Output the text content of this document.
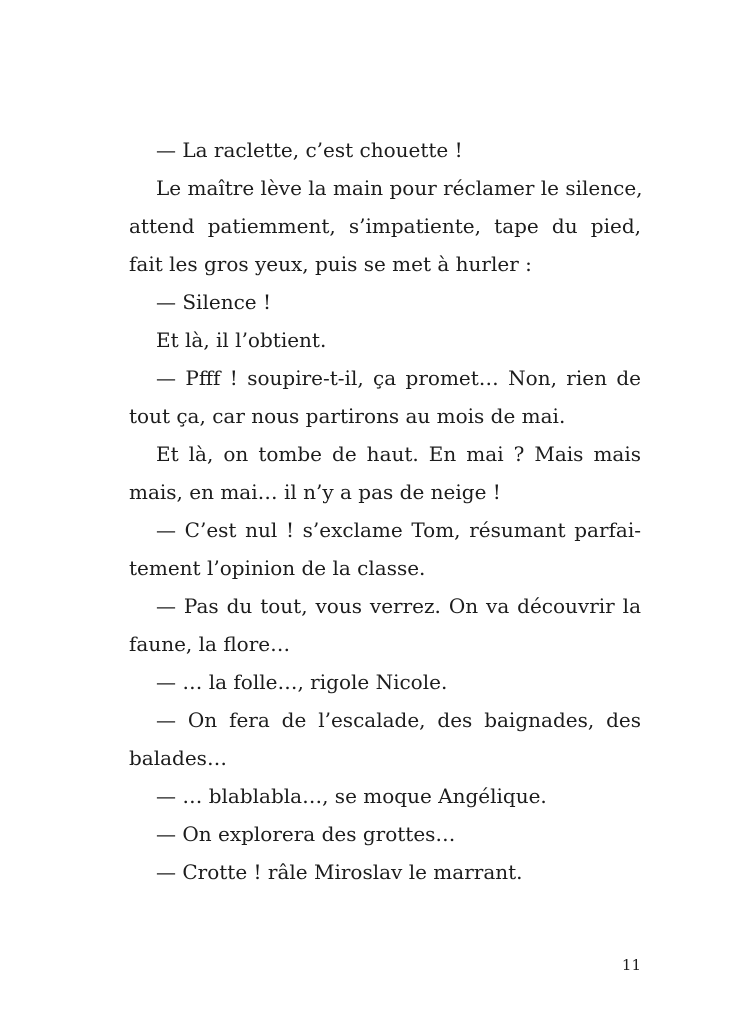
— La raclette, c’est chouette !
Le maître lève la main pour réclamer le silence,
attend patiemment, s’impatiente, tape du pied,
fait les gros yeux, puis se met à hurler :
— Silence !
Et là, il l’obtient.
— Pfff ! soupire-t-il, ça promet… Non, rien de
tout ça, car nous partirons au mois de mai.
Et là, on tombe de haut. En mai ? Mais mais
mais, en mai… il n’y a pas de neige !
— C’est nul ! s’exclame Tom, résumant parfai-
tement l’opinion de la classe.
— Pas du tout, vous verrez. On va découvrir la
faune, la flore…
— … la folle…, rigole Nicole.
— On fera de l’escalade, des baignades, des
balades…
— … blablabla…, se moque Angélique.
— On explorera des grottes…
— Crotte ! râle Miroslav le marrant.
11
